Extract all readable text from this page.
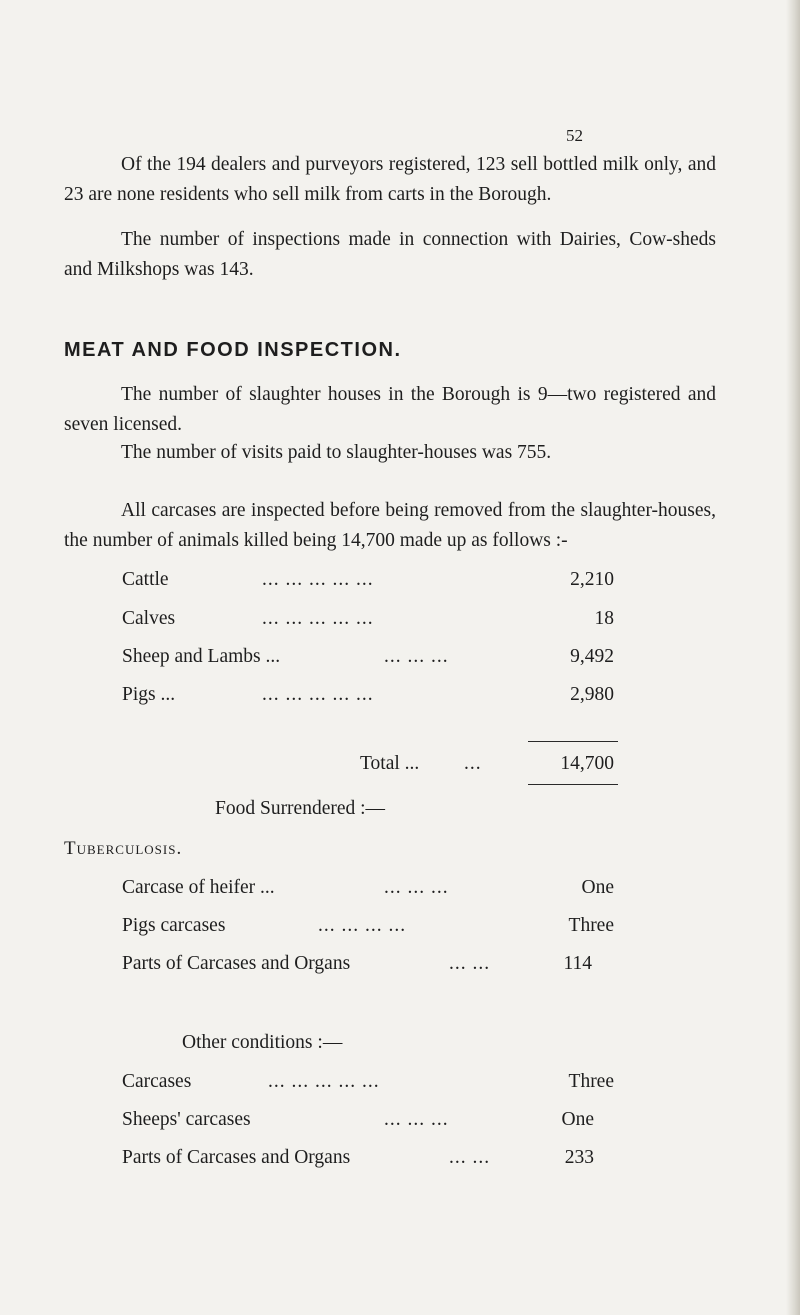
52

Of the 194 dealers and purveyors registered, 123 sell bottled milk only, and 23 are none residents who sell milk from carts in the Borough.

The number of inspections made in connection with Dairies, Cow-sheds and Milkshops was 143.

MEAT AND FOOD INSPECTION.

The number of slaughter houses in the Borough is 9—two registered and seven licensed.

The number of visits paid to slaughter-houses was 755.

All carcases are inspected before being removed from the slaughter-houses, the number of animals killed being 14,700 made up as follows :-

Cattle	... ... ... ... ...	2,210
Calves	... ... ... ... ...	18
Sheep and Lambs ...	... ... ...	9,492
Pigs ...	... ... ... ... ...	2,980
Total ... ...	14,700
Food Surrendered :—
Tuberculosis.
Carcase of heifer ...	... ... ...	One
Pigs carcases	... ... ... ...	Three
Parts of Carcases and Organs	... ...	114
Other conditions :—
Carcases	... ... ... ... ...	Three
Sheeps' carcases	... ... ...	One
Parts of Carcases and Organs	... ...	233
